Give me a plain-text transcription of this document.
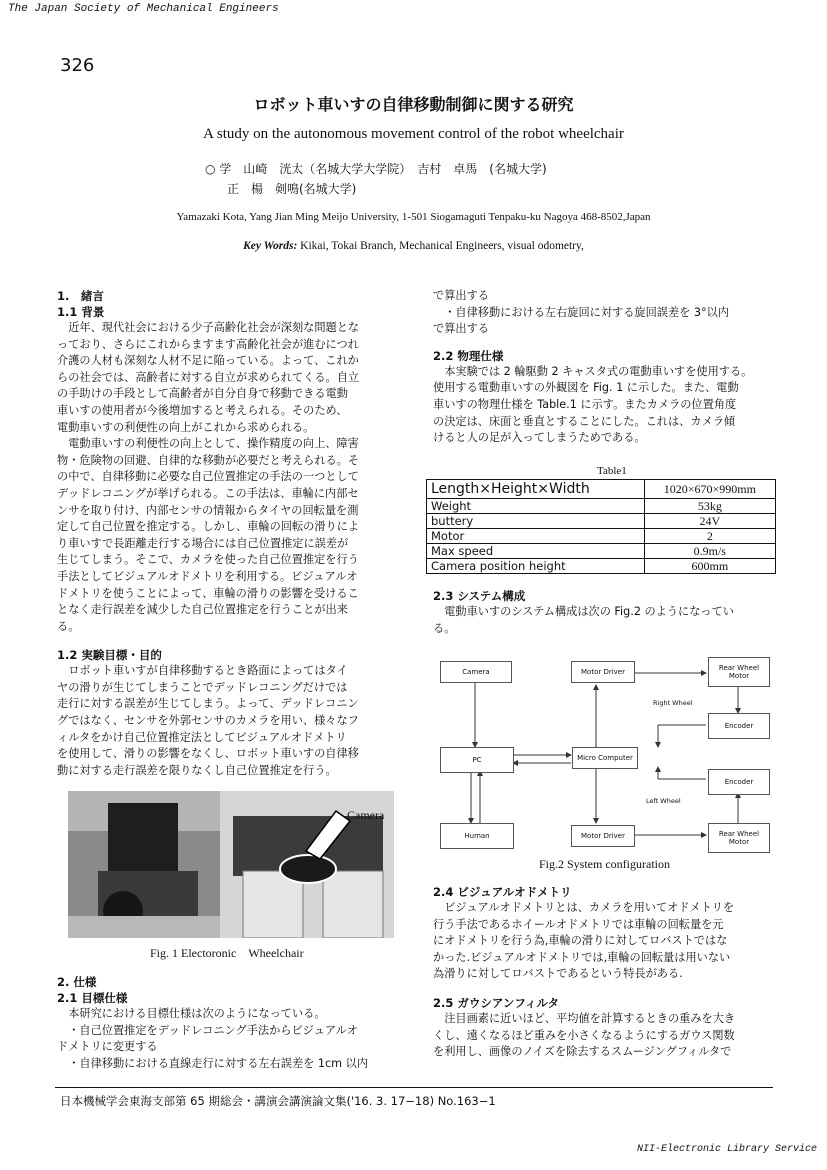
The Japan Society of Mechanical Engineers
326
ロボット車いすの自律移動制御に関する研究
A study on the autonomous movement control of the robot wheelchair
○ 学　山崎　洸太（名城大学大学院）　吉村　卓馬　(名城大学)
正　楊　剣鳴(名城大学)
Yamazaki Kota, Yang Jian Ming Meijo University, 1-501 Siogamaguti Tenpaku-ku Nagoya 468-8502,Japan
Key Words: Kikai, Tokai Branch, Mechanical Engineers, visual odometry,
1.　緒言
1.1 背景

　近年、現代社会における少子高齢化社会が深刻な問題とな

っており、さらにこれからますます高齢化社会が進むにつれ

介護の人材も深刻な人材不足に陥っている。よって、これか

らの社会では、高齢者に対する自立が求められてくる。自立

の手助けの手段として高齢者が自分自身で移動できる電動

車いすの使用者が今後増加すると考えられる。そのため、

電動車いすの利便性の向上がこれから求められる。

　電動車いすの利便性の向上として、操作精度の向上、障害

物・危険物の回避、自律的な移動が必要だと考えられる。そ

の中で、自律移動に必要な自己位置推定の手法の一つとして

デッドレコニングが挙げられる。この手法は、車輪に内部セ

ンサを取り付け、内部センサの情報からタイヤの回転量を測

定して自己位置を推定する。しかし、車輪の回転の滑りによ

り車いすで長距離走行する場合には自己位置推定に誤差が

生じてしまう。そこで、カメラを使った自己位置推定を行う

手法としてビジュアルオドメトリを利用する。ビジュアルオ

ドメトリを使うことによって、車輪の滑りの影響を受けるこ

となく走行誤差を減少した自己位置推定を行うことが出来

る。

1.2 実験目標・目的

　ロボット車いすが自律移動するとき路面によってはタイ

ヤの滑りが生じてしまうことでデッドレコニングだけでは

走行に対する誤差が生じてしまう。よって、デッドレコニン

グではなく、センサを外郭センサのカメラを用い、様々なフ

ィルタをかけ自己位置推定法としてビジュアルオドメトリ

を使用して、滑りの影響をなくし、ロボット車いすの自律移

動に対する走行誤差を限りなくし自己位置推定を行う。

Camera
Fig. 1 Electoronic　Wheelchair
2. 仕様
2.1 目標仕様

　本研究における目標仕様は次のようになっている。

　・自己位置推定をデッドレコニング手法からビジュアルオ

ドメトリに変更する

　・自律移動における直線走行に対する左右誤差を 1cm 以内

で算出する

　・自律移動における左右旋回に対する旋回誤差を 3°以内

で算出する

2.2 物理仕様

　本実験では 2 輪駆動 2 キャスタ式の電動車いすを使用する。

使用する電動車いすの外観図を Fig. 1 に示した。また、電動

車いすの物理仕様を Table.1 に示す。またカメラの位置角度

の決定は、床面と垂直とすることにした。これは、カメラ傾

けると人の足が入ってしまうためである。

Table1
Length×Height×Width	1020×670×990mm
Weight	53kg
buttery	24V
Motor	2
Max speed	0.9m/s
Camera position height	600mm
2.3 システム構成

　電動車いすのシステム構成は次の Fig.2 のようになってい

る。

Camera	Motor Driver	Rear Wheel Motor
Right Wheel
Encoder
PC	Micro Computer
Encoder
Left Wheel
Human	Motor Driver	Rear Wheel Motor
Fig.2 System configuration
2.4 ビジュアルオドメトリ

　ビジュアルオドメトリとは、カメラを用いてオドメトリを

行う手法であるホイールオドメトリでは車輪の回転量を元

にオドメトリを行う為,車輪の滑りに対してロバストではな

かった.ビジュアルオドメトリでは,車輪の回転量は用いない

為滑りに対してロバストであるという特長がある.

2.5 ガウシアンフィルタ

　注目画素に近いほど、平均値を計算するときの重みを大き

くし、遠くなるほど重みを小さくなるようにするガウス関数

を利用し、画像のノイズを除去するスムージングフィルタで

日本機械学会東海支部第 65 期総会・講演会講演論文集('16. 3. 17−18) No.163−1
NII-Electronic Library Service
